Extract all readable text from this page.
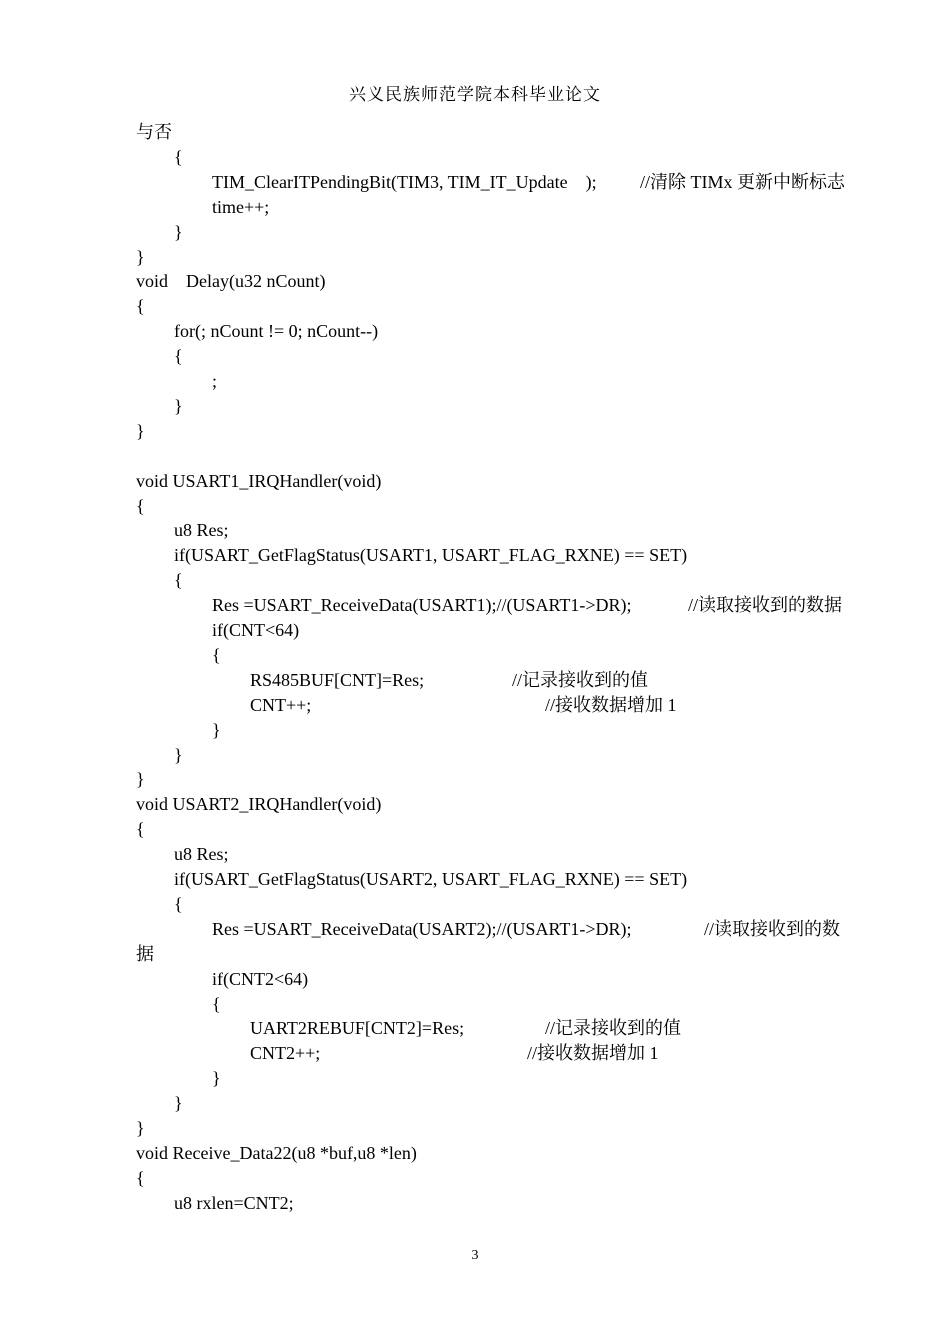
兴义民族师范学院本科毕业论文
与否
{
TIM_ClearITPendingBit(TIM3, TIM_IT_Update    ); //清除 TIMx 更新中断标志
time++;
}
}
void    Delay(u32 nCount)
{
for(; nCount != 0; nCount--)
{
;
}
}
void USART1_IRQHandler(void)
{
u8 Res;
if(USART_GetFlagStatus(USART1, USART_FLAG_RXNE) == SET)
{
Res =USART_ReceiveData(USART1);//(USART1->DR);	//读取接收到的数据
if(CNT<64)
{
RS485BUF[CNT]=Res;	//记录接收到的值
CNT++;	//接收数据增加 1
}
}
}
void USART2_IRQHandler(void)
{
u8 Res;
if(USART_GetFlagStatus(USART2, USART_FLAG_RXNE) == SET)
{
Res =USART_ReceiveData(USART2);//(USART1->DR);	//读取接收到的数
据
if(CNT2<64)
{
UART2REBUF[CNT2]=Res;	//记录接收到的值
CNT2++;	//接收数据增加 1
}
}
}
void Receive_Data22(u8 *buf,u8 *len)
{
u8 rxlen=CNT2;
3
